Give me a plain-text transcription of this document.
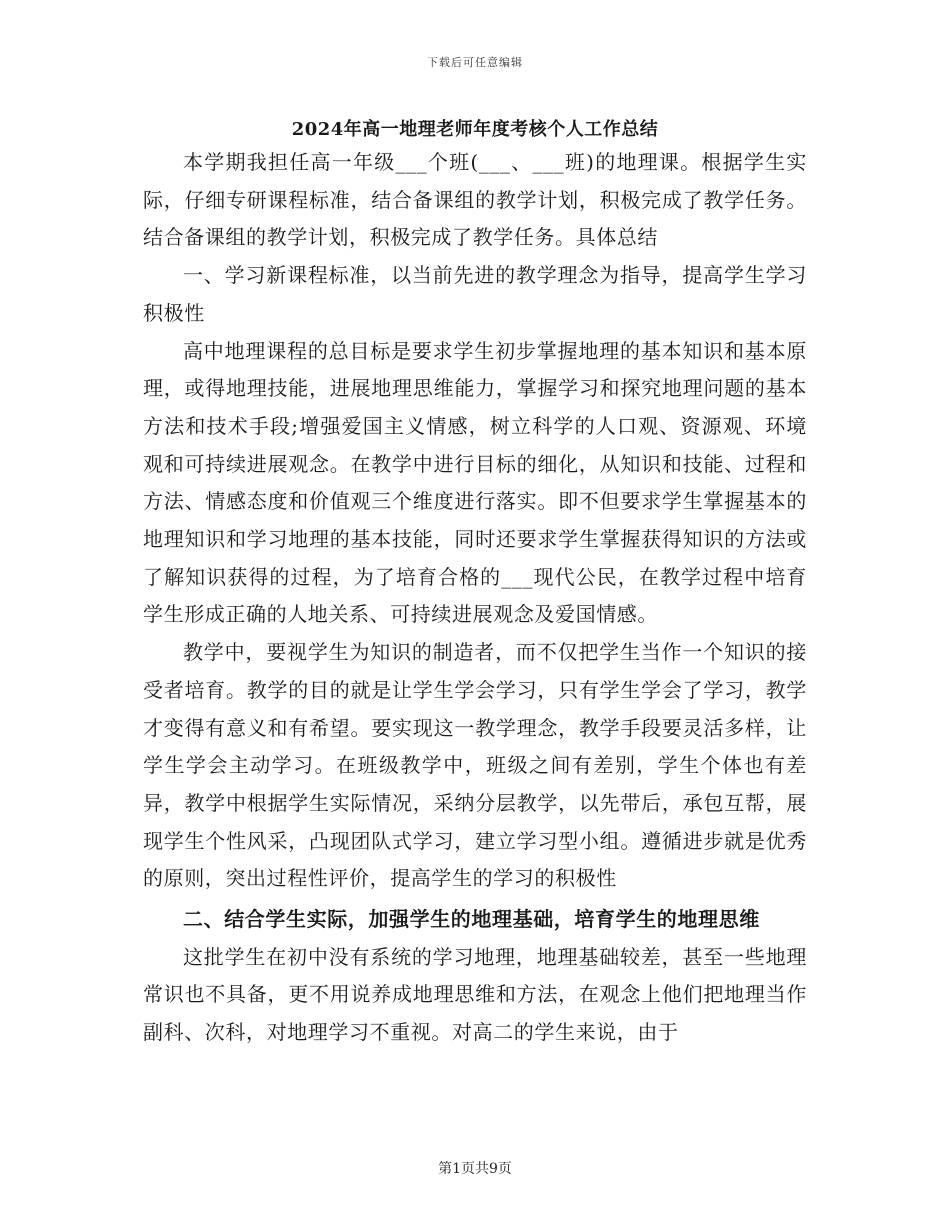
下载后可任意编辑
2024年高一地理老师年度考核个人工作总结

本学期我担任高一年级___个班(___、___班)的地理课。根据学生实际，仔细专研课程标准，结合备课组的教学计划，积极完成了教学任务。结合备课组的教学计划，积极完成了教学任务。具体总结

一、学习新课程标准，以当前先进的教学理念为指导，提高学生学习积极性

高中地理课程的总目标是要求学生初步掌握地理的基本知识和基本原理，或得地理技能，进展地理思维能力，掌握学习和探究地理问题的基本方法和技术手段;增强爱国主义情感，树立科学的人口观、资源观、环境观和可持续进展观念。在教学中进行目标的细化，从知识和技能、过程和方法、情感态度和价值观三个维度进行落实。即不但要求学生掌握基本的地理知识和学习地理的基本技能，同时还要求学生掌握获得知识的方法或了解知识获得的过程，为了培育合格的___现代公民，在教学过程中培育学生形成正确的人地关系、可持续进展观念及爱国情感。

教学中，要视学生为知识的制造者，而不仅把学生当作一个知识的接受者培育。教学的目的就是让学生学会学习，只有学生学会了学习，教学才变得有意义和有希望。要实现这一教学理念，教学手段要灵活多样，让学生学会主动学习。在班级教学中，班级之间有差别，学生个体也有差异，教学中根据学生实际情况，采纳分层教学，以先带后，承包互帮，展现学生个性风采，凸现团队式学习，建立学习型小组。遵循进步就是优秀的原则，突出过程性评价，提高学生的学习的积极性

二、结合学生实际，加强学生的地理基础，培育学生的地理思维

这批学生在初中没有系统的学习地理，地理基础较差，甚至一些地理常识也不具备，更不用说养成地理思维和方法，在观念上他们把地理当作副科、次科，对地理学习不重视。对高二的学生来说，由于

第1页共9页
